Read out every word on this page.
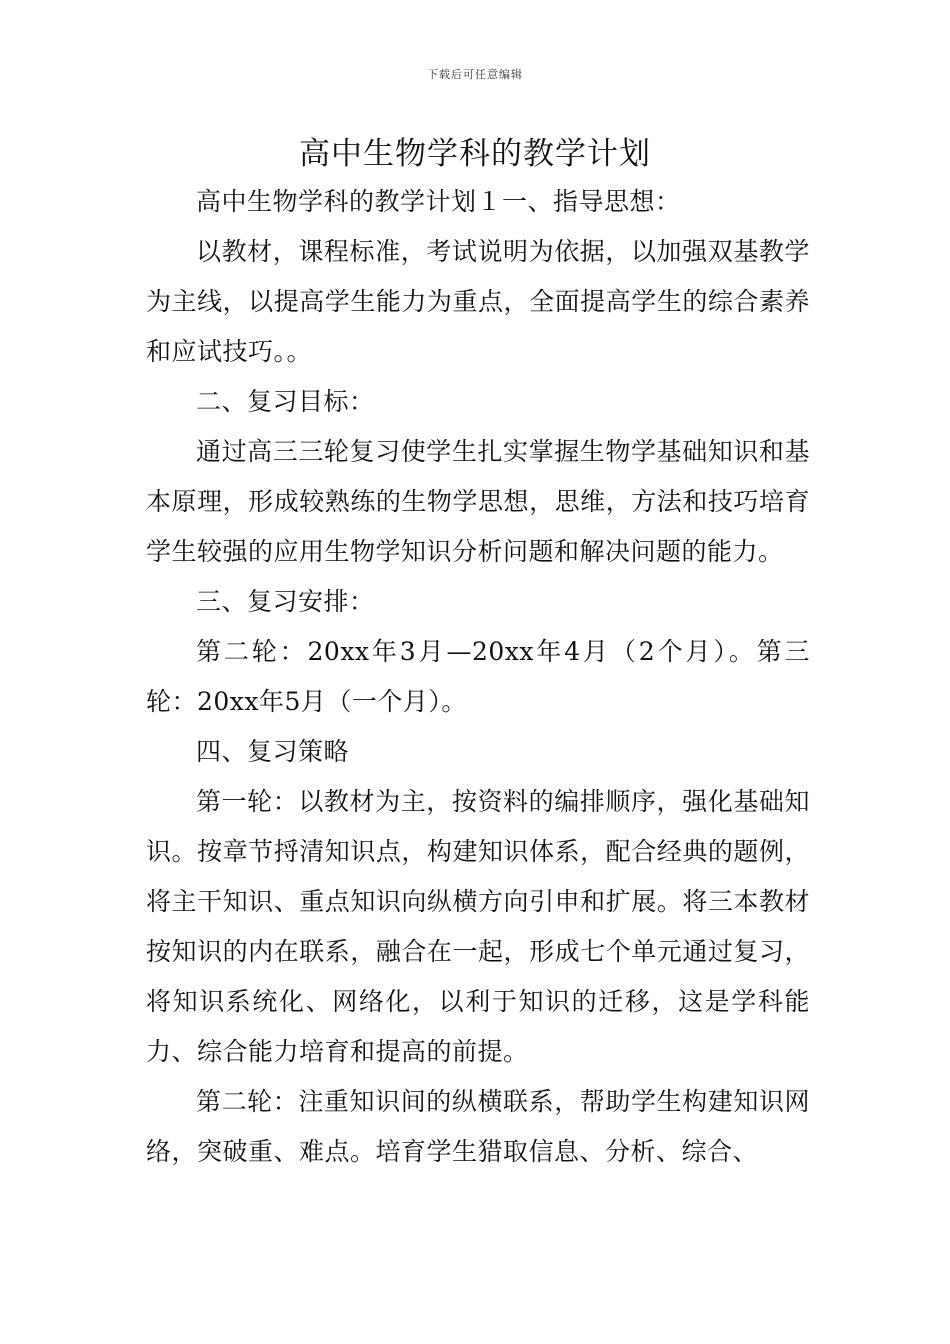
下载后可任意编辑
高中生物学科的教学计划

高中生物学科的教学计划１一、指导思想：

以教材，课程标准，考试说明为依据，以加强双基教学为主线，以提高学生能力为重点，全面提高学生的综合素养和应试技巧。。

二、复习目标：

通过高三三轮复习使学生扎实掌握生物学基础知识和基本原理，形成较熟练的生物学思想，思维，方法和技巧培育学生较强的应用生物学知识分析问题和解决问题的能力。

三、复习安排：

第二轮：20xx年3月—20xx年4月（2个月）。第三轮：20xx年5月（一个月）。

四、复习策略

第一轮：以教材为主，按资料的编排顺序，强化基础知识。按章节捋清知识点，构建知识体系，配合经典的题例，将主干知识、重点知识向纵横方向引申和扩展。将三本教材按知识的内在联系，融合在一起，形成七个单元通过复习，将知识系统化、网络化，以利于知识的迁移，这是学科能力、综合能力培育和提高的前提。

第二轮：注重知识间的纵横联系，帮助学生构建知识网络，突破重、难点。培育学生猎取信息、分析、综合、
